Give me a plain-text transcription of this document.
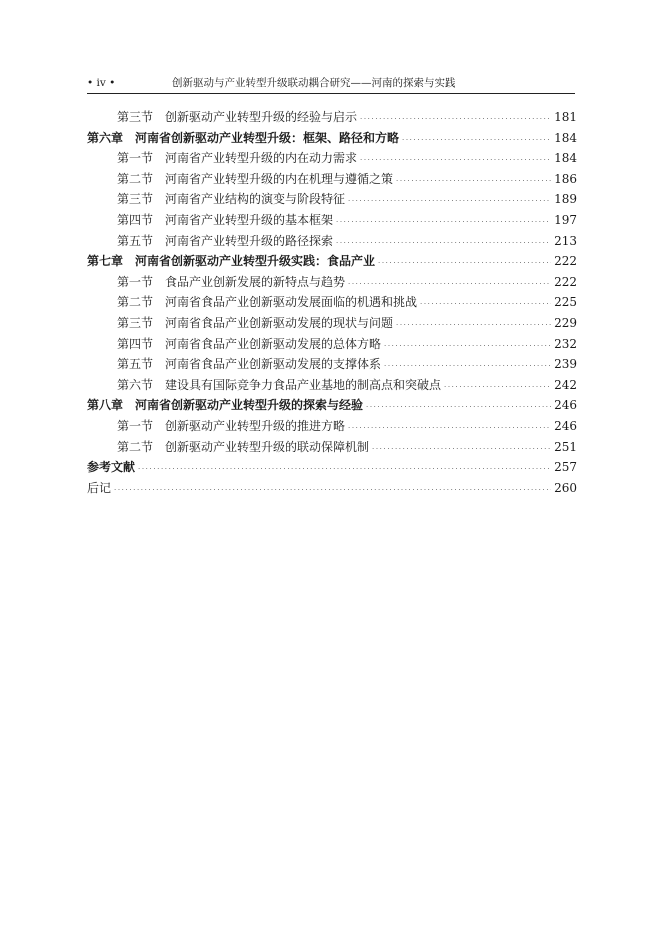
• iv •	创新驱动与产业转型升级联动耦合研究——河南的探索与实践
第三节 创新驱动产业转型升级的经验与启示 ·····	181
第六章 河南省创新驱动产业转型升级：框架、路径和方略 ·····	184
第一节 河南省产业转型升级的内在动力需求 ·····	184
第二节 河南省产业转型升级的内在机理与遵循之策 ·····	186
第三节 河南省产业结构的演变与阶段特征 ·····	189
第四节 河南省产业转型升级的基本框架 ·····	197
第五节 河南省产业转型升级的路径探索 ·····	213
第七章 河南省创新驱动产业转型升级实践：食品产业 ·····	222
第一节 食品产业创新发展的新特点与趋势 ·····	222
第二节 河南省食品产业创新驱动发展面临的机遇和挑战 ·····	225
第三节 河南省食品产业创新驱动发展的现状与问题 ·····	229
第四节 河南省食品产业创新驱动发展的总体方略 ·····	232
第五节 河南省食品产业创新驱动发展的支撑体系 ·····	239
第六节 建设具有国际竞争力食品产业基地的制高点和突破点 ·····	242
第八章 河南省创新驱动产业转型升级的探索与经验 ·····	246
第一节 创新驱动产业转型升级的推进方略 ·····	246
第二节 创新驱动产业转型升级的联动保障机制 ·····	251
参考文献 ·····	257
后记 ·····	260
